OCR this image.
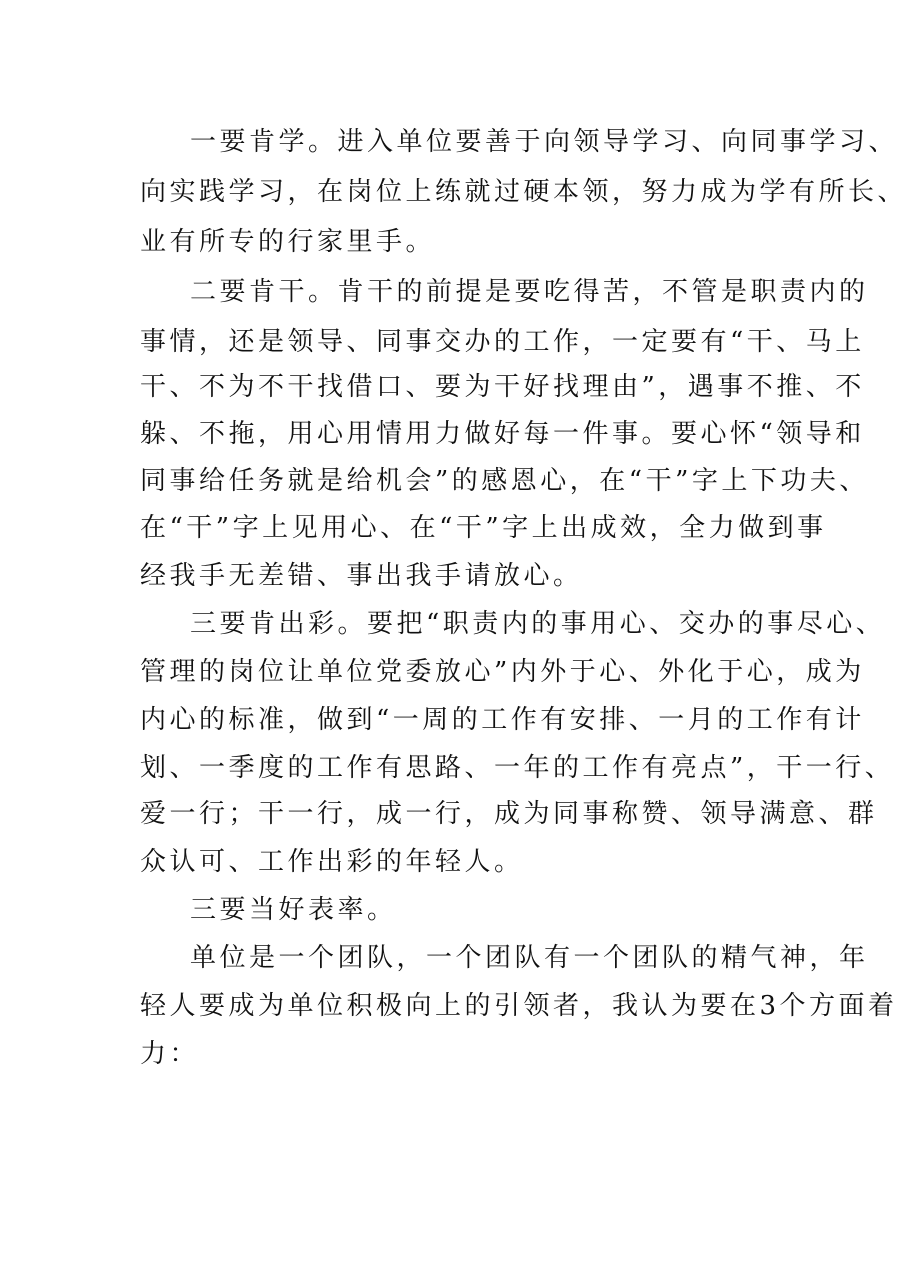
一要肯学。进入单位要善于向领导学习、向同事学习、
向实践学习，在岗位上练就过硬本领，努力成为学有所长、
业有所专的行家里手。
二要肯干。肯干的前提是要吃得苦，不管是职责内的
事情，还是领导、同事交办的工作，一定要有“干、马上
干、不为不干找借口、要为干好找理由”，遇事不推、不
躲、不拖，用心用情用力做好每一件事。要心怀“领导和
同事给任务就是给机会”的感恩心，在“干”字上下功夫、
在“干”字上见用心、在“干”字上出成效，全力做到事
经我手无差错、事出我手请放心。
三要肯出彩。要把“职责内的事用心、交办的事尽心、
管理的岗位让单位党委放心”内外于心、外化于心，成为
内心的标准，做到“一周的工作有安排、一月的工作有计
划、一季度的工作有思路、一年的工作有亮点”，干一行、
爱一行；干一行，成一行，成为同事称赞、领导满意、群
众认可、工作出彩的年轻人。
三要当好表率。
单位是一个团队，一个团队有一个团队的精气神，年
轻人要成为单位积极向上的引领者，我认为要在3个方面着
力：
